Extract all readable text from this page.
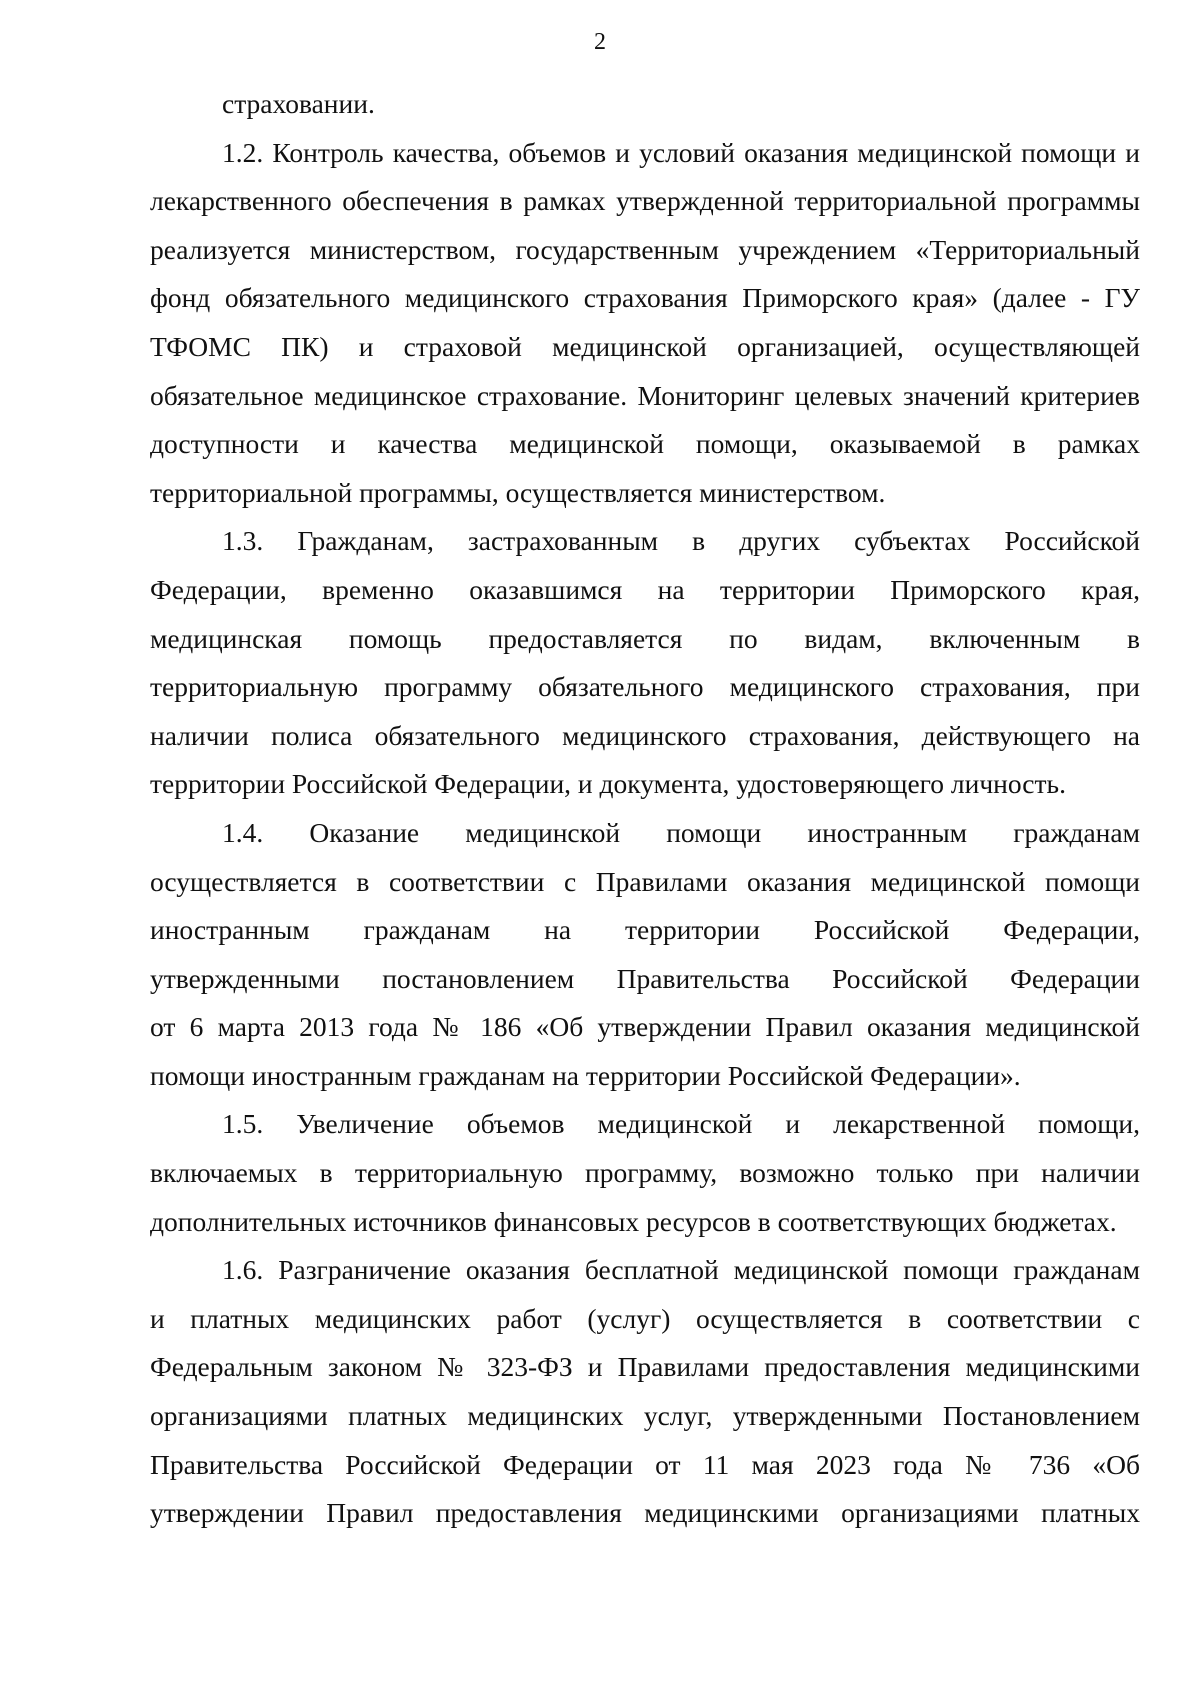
2
страховании.
1.2. Контроль качества, объемов и условий оказания медицинской помощи и
лекарственного обеспечения в рамках утвержденной территориальной программы
реализуется министерством, государственным учреждением «Территориальный
фонд обязательного медицинского страхования Приморского края» (далее - ГУ
ТФОМС ПК) и страховой медицинской организацией, осуществляющей
обязательное медицинское страхование. Мониторинг целевых значений критериев
доступности и качества медицинской помощи, оказываемой в рамках
территориальной программы, осуществляется министерством.
1.3. Гражданам, застрахованным в других субъектах Российской
Федерации, временно оказавшимся на территории Приморского края,
медицинская помощь предоставляется по видам, включенным в
территориальную программу обязательного медицинского страхования, при
наличии полиса обязательного медицинского страхования, действующего на
территории Российской Федерации, и документа, удостоверяющего личность.
1.4. Оказание медицинской помощи иностранным гражданам
осуществляется в соответствии с Правилами оказания медицинской помощи
иностранным гражданам на территории Российской Федерации,
утвержденными постановлением Правительства Российской Федерации
от 6 марта 2013 года № 186 «Об утверждении Правил оказания медицинской
помощи иностранным гражданам на территории Российской Федерации».
1.5. Увеличение объемов медицинской и лекарственной помощи,
включаемых в территориальную программу, возможно только при наличии
дополнительных источников финансовых ресурсов в соответствующих бюджетах.
1.6. Разграничение оказания бесплатной медицинской помощи гражданам
и платных медицинских работ (услуг) осуществляется в соответствии с
Федеральным законом № 323-ФЗ и Правилами предоставления медицинскими
организациями платных медицинских услуг, утвержденными Постановлением
Правительства Российской Федерации от 11 мая 2023 года № 736 «Об
утверждении Правил предоставления медицинскими организациями платных
